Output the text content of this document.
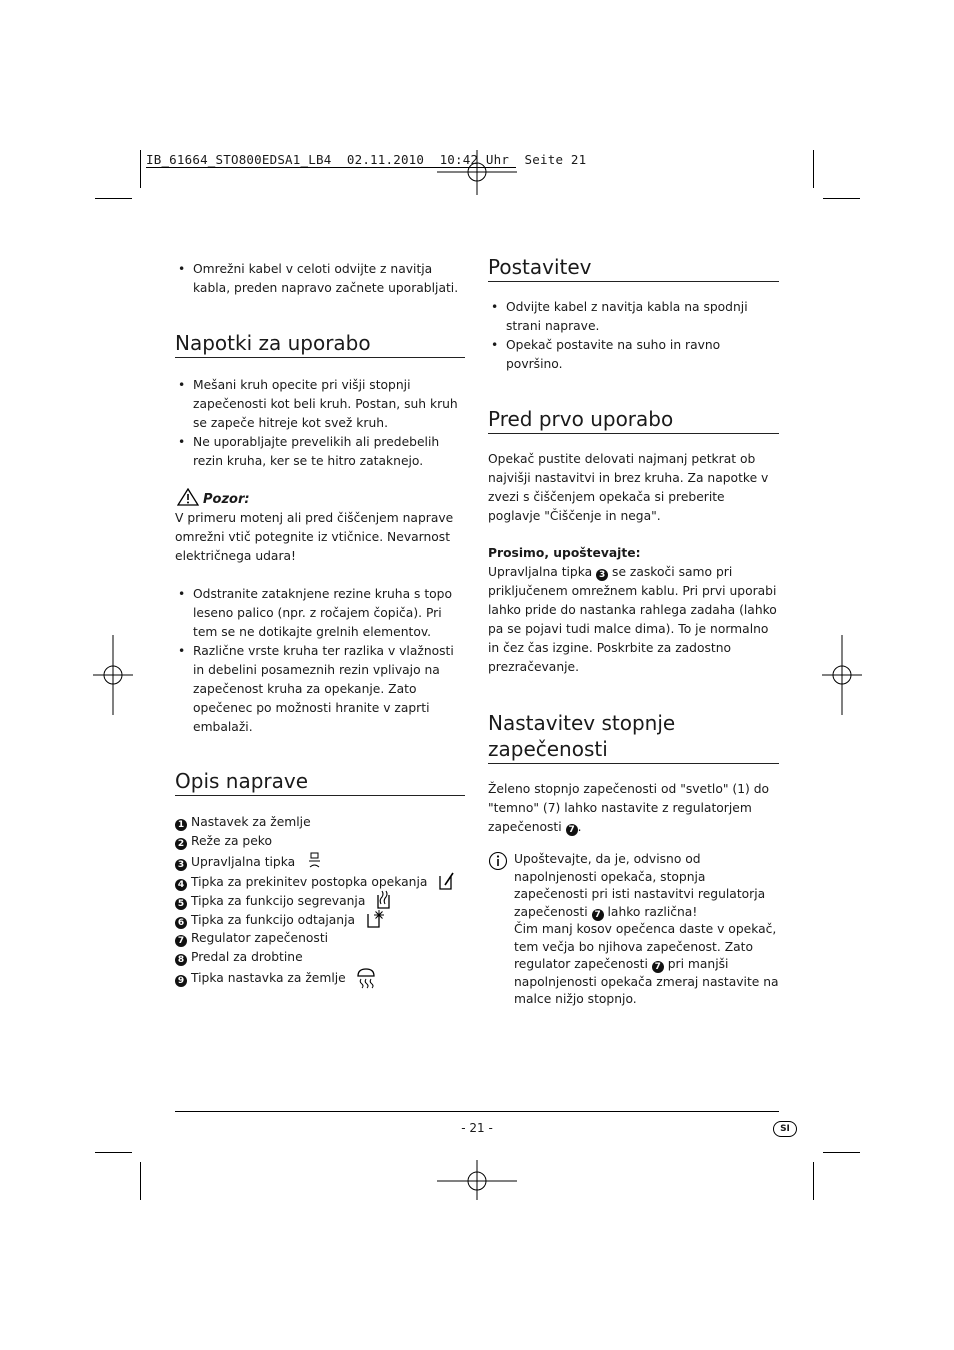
IB_61664_STO800EDSA1_LB4  02.11.2010  10:42 Uhr  Seite 21
• Omrežni kabel v celoti odvijte z navitja kabla, preden napravo začnete uporabljati.
Napotki za uporabo
• Mešani kruh opecite pri višji stopnji zapečenosti kot beli kruh. Postan, suh kruh se zapeče hitreje kot svež kruh.
• Ne uporabljajte prevelikih ali predebelih rezin kruha, ker se te hitro zataknejo.
Pozor:

V primeru motenj ali pred čiščenjem naprave omrežni vtič potegnite iz vtičnice. Nevarnost električnega udara!

• Odstranite zataknjene rezine kruha s topo leseno palico (npr. z ročajem čopiča). Pri tem se ne dotikajte grelnih elementov.
• Različne vrste kruha ter razlika v vlažnosti in debelini posameznih rezin vplivajo na zapečenost kruha za opekanje. Zato opečenec po možnosti hranite v zaprti embalaži.
Opis naprave
1 Nastavek za žemlje
2 Reže za peko
3 Upravljalna tipka
4 Tipka za prekinitev postopka opekanja
5 Tipka za funkcijo segrevanja
6 Tipka za funkcijo odtajanja
7 Regulator zapečenosti
8 Predal za drobtine
9 Tipka nastavka za žemlje
Postavitev
• Odvijte kabel z navitja kabla na spodnji strani naprave.
• Opekač postavite na suho in ravno površino.
Pred prvo uporabo

Opekač pustite delovati najmanj petkrat ob najvišji nastavitvi in brez kruha. Za napotke v zvezi s čiščenjem opekača si preberite poglavje "Čiščenje in nega".

Prosimo, upoštevajte:

Upravljalna tipka 3 se zaskoči samo pri priključenem omrežnem kablu. Pri prvi uporabi lahko pride do nastanka rahlega zadaha (lahko pa se pojavi tudi malce dima). To je normalno in čez čas izgine. Poskrbite za zadostno prezračevanje.

Nastavitev stopnje zapečenosti

Želeno stopnjo zapečenosti od "svetlo" (1) do "temno" (7) lahko nastavite z regulatorjem zapečenosti 7 .

Upoštevajte, da je, odvisno od napolnjenosti opekača, stopnja zapečenosti pri isti nastavitvi regulatorja zapečenosti 7 lahko različna!

Čim manj kosov opečenca daste v opekač, tem večja bo njihova zapečenost. Zato regulator zapečenosti 7 pri manjši napolnjenosti opekača zmeraj nastavite na malce nižjo stopnjo.

- 21 -	SI
